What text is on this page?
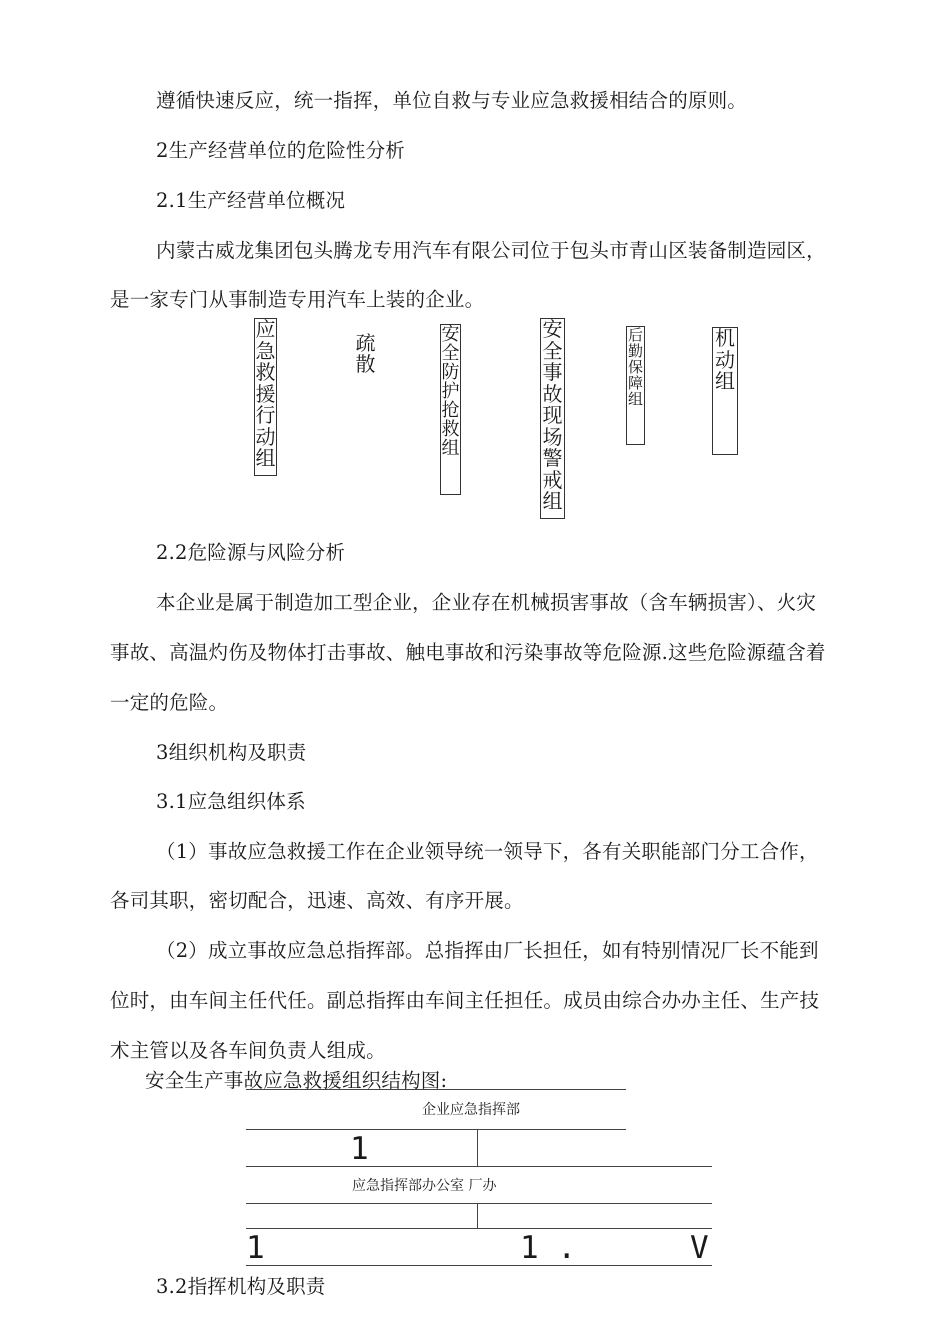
遵循快速反应，统一指挥，单位自救与专业应急救援相结合的原则。
2生产经营单位的危险性分析
2.1生产经营单位概况
内蒙古威龙集团包头腾龙专用汽车有限公司位于包头市青山区装备制造园区，
是一家专门从事制造专用汽车上装的企业。
应急救援行动组
疏散
安全防护抢救组
安全事故现场警戒组
后勤保障组
机动组
2.2危险源与风险分析
本企业是属于制造加工型企业，企业存在机械损害事故（含车辆损害）、火灾
事故、高温灼伤及物体打击事故、触电事故和污染事故等危险源.这些危险源蕴含着
一定的危险。
3组织机构及职责
3.1应急组织体系
（1）事故应急救援工作在企业领导统一领导下，各有关职能部门分工合作，
各司其职，密切配合，迅速、高效、有序开展。
（2）成立事故应急总指挥部。总指挥由厂长担任，如有特别情况厂长不能到
位时，由车间主任代任。副总指挥由车间主任担任。成员由综合办办主任、生产技
术主管以及各车间负责人组成。
安全生产事故应急救援组织结构图:
企业应急指挥部
1
应急指挥部办公室 厂办
1	1 .	V
3.2指挥机构及职责
